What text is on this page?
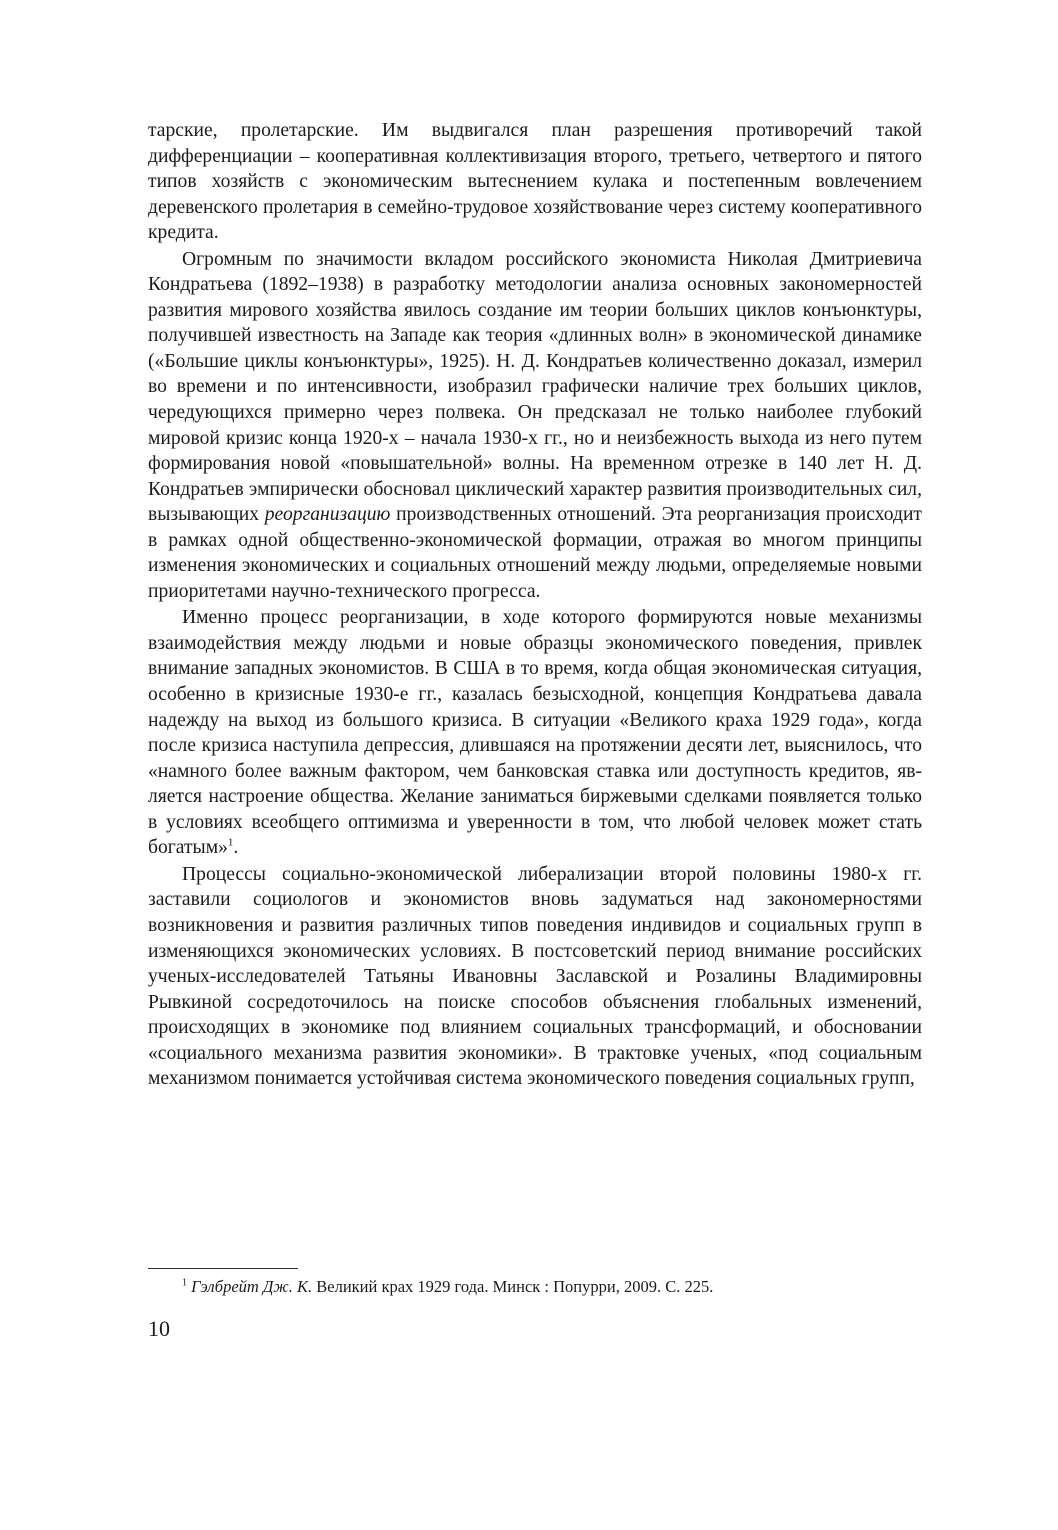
тарские, пролетарские. Им выдвигался план разрешения противоречий такой дифференциации – кооперативная коллективизация второго, третьего, четвертого и пятого типов хозяйств с экономическим вытеснением кулака и постепенным вовлечением деревенского пролетария в семейно-трудовое хозяйствование через систему кооперативного кредита.

Огромным по значимости вкладом российского экономиста Николая Дмитриевича Кондратьева (1892–1938) в разработку методологии анализа основных закономерностей развития мирового хозяйства явилось создание им теории больших циклов конъюнктуры, получившей известность на Западе как теория «длинных волн» в экономической динамике («Большие циклы конъюнктуры», 1925). Н. Д. Кондратьев количественно доказал, измерил во времени и по интенсивности, изобразил графически наличие трех больших циклов, чередующихся примерно через полвека. Он предсказал не только наиболее глубокий мировой кризис конца 1920-х – начала 1930-х гг., но и неизбежность выхода из него путем формирования новой «повышательной» волны. На временном отрезке в 140 лет Н. Д. Кондратьев эмпирически обосновал циклический характер развития производительных сил, вызывающих реорганизацию производственных отношений. Эта реорганизация происходит в рамках одной общественно-экономической формации, отражая во многом принципы изменения экономических и социальных отношений между людьми, определяемые новыми приоритетами научно-технического прогресса.

Именно процесс реорганизации, в ходе которого формируются новые механизмы взаимодействия между людьми и новые образцы экономического поведения, привлек внимание западных экономистов. В США в то время, когда общая экономическая ситуация, особенно в кризисные 1930-е гг., казалась безысходной, концепция Кондратьева давала надежду на выход из большого кризиса. В ситуации «Великого краха 1929 года», когда после кризиса наступила депрессия, длившаяся на протяжении десяти лет, выяснилось, что «намного более важным фактором, чем банковская ставка или доступность кредитов, является настроение общества. Желание заниматься биржевыми сделками появляется только в условиях всеобщего оптимизма и уверенности в том, что любой человек может стать богатым»$^1$.

Процессы социально-экономической либерализации второй половины 1980-х гг. заставили социологов и экономистов вновь задуматься над закономерностями возникновения и развития различных типов поведения индивидов и социальных групп в изменяющихся экономических условиях. В постсоветский период внимание российских ученых-исследователей Татьяны Ивановны Заславской и Розалины Владимировны Рывкиной сосредоточилось на поиске способов объяснения глобальных изменений, происходящих в экономике под влиянием социальных трансформаций, и обосновании «социального механизма развития экономики». В трактовке ученых, «под социальным механизмом понимается устойчивая система экономического поведения социальных групп,

$^1$ Гэлбрейт Дж. К. Великий крах 1929 года. Минск : Попурри, 2009. С. 225.
10
